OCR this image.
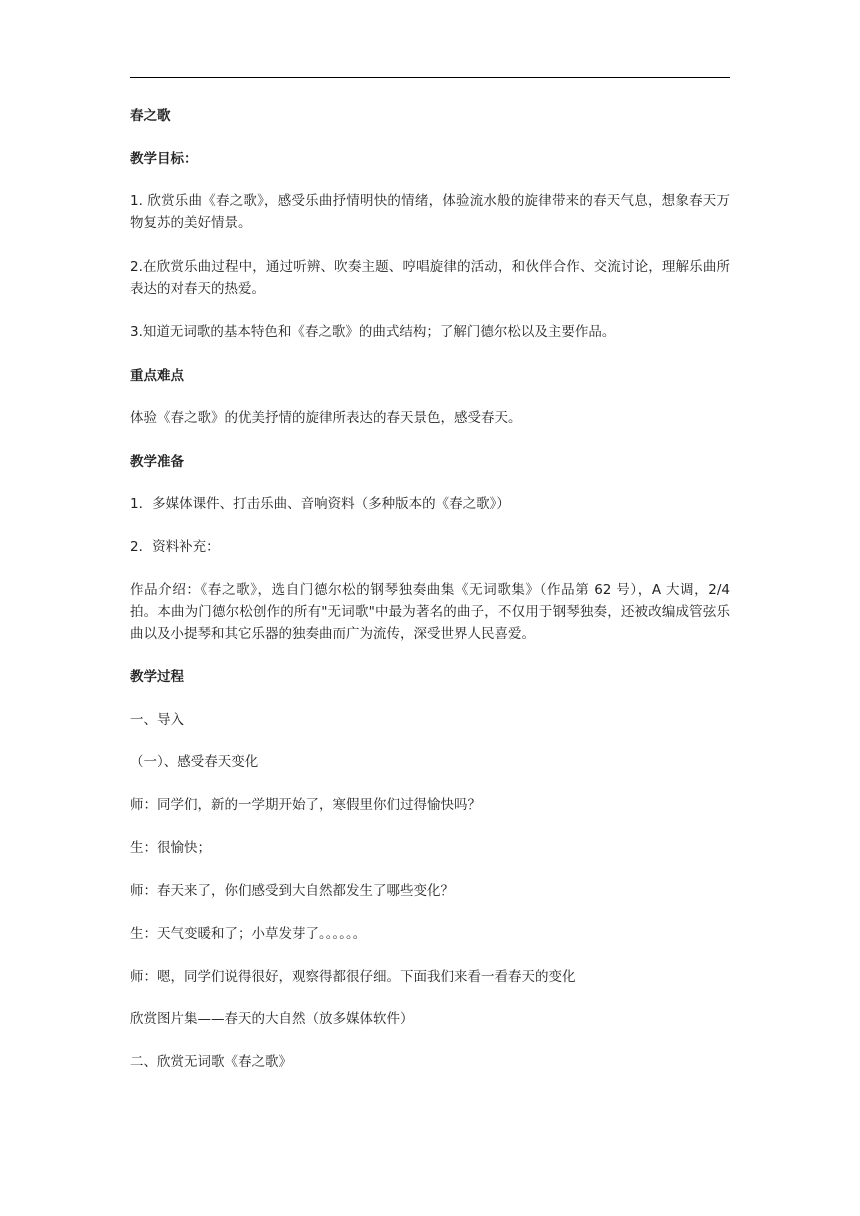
春之歌

教学目标：

1. 欣赏乐曲《春之歌》，感受乐曲抒情明快的情绪，体验流水般的旋律带来的春天气息，想象春天万物复苏的美好情景。

2.在欣赏乐曲过程中，通过听辨、吹奏主题、哼唱旋律的活动，和伙伴合作、交流讨论，理解乐曲所表达的对春天的热爱。

3.知道无词歌的基本特色和《春之歌》的曲式结构；了解门德尔松以及主要作品。

重点难点

体验《春之歌》的优美抒情的旋律所表达的春天景色，感受春天。

教学准备

1．多媒体课件、打击乐曲、音响资料（多种版本的《春之歌》）

2．资料补充：

作品介绍：《春之歌》，选自门德尔松的钢琴独奏曲集《无词歌集》（作品第 62 号），A 大调，2/4 拍。本曲为门德尔松创作的所有"无词歌"中最为著名的曲子，不仅用于钢琴独奏，还被改编成管弦乐曲以及小提琴和其它乐器的独奏曲而广为流传，深受世界人民喜爱。

教学过程

一、导入

（一）、感受春天变化

师：同学们，新的一学期开始了，寒假里你们过得愉快吗？

生：很愉快；

师：春天来了，你们感受到大自然都发生了哪些变化？

生：天气变暖和了；小草发芽了。。。。。。

师：嗯，同学们说得很好，观察得都很仔细。下面我们来看一看春天的变化

欣赏图片集——春天的大自然（放多媒体软件）

二、欣赏无词歌《春之歌》
